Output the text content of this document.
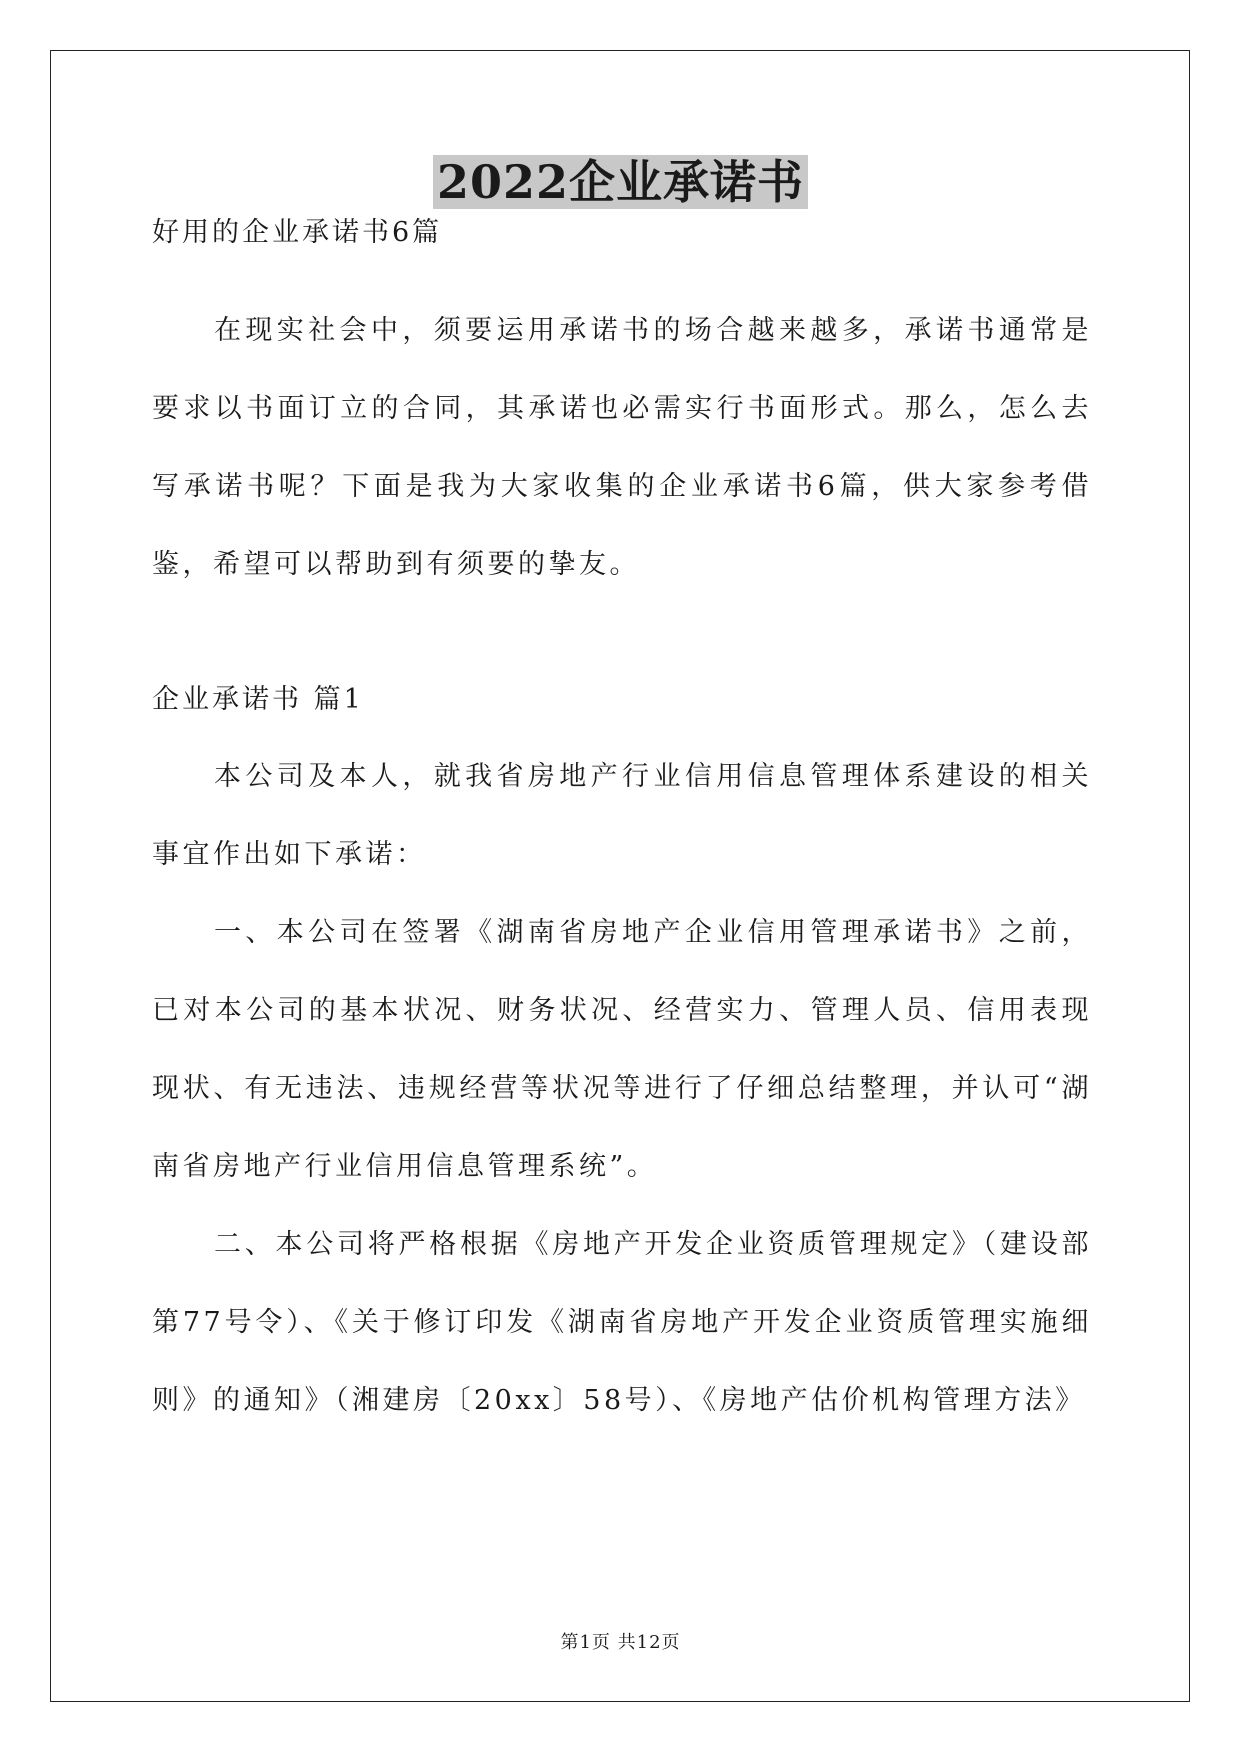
2022企业承诺书
好用的企业承诺书6篇

在现实社会中，须要运用承诺书的场合越来越多，承诺书通常是要求以书面订立的合同，其承诺也必需实行书面形式。那么，怎么去写承诺书呢？下面是我为大家收集的企业承诺书6篇，供大家参考借鉴，希望可以帮助到有须要的挚友。

企业承诺书 篇1

本公司及本人，就我省房地产行业信用信息管理体系建设的相关事宜作出如下承诺：

一、本公司在签署《湖南省房地产企业信用管理承诺书》之前，已对本公司的基本状况、财务状况、经营实力、管理人员、信用表现现状、有无违法、违规经营等状况等进行了仔细总结整理，并认可“湖南省房地产行业信用信息管理系统”。

二、本公司将严格根据《房地产开发企业资质管理规定》（建设部第77号令）、《关于修订印发《湖南省房地产开发企业资质管理实施细则》的通知》（湘建房〔20xx〕58号）、《房地产估价机构管理方法》

第1页 共12页
